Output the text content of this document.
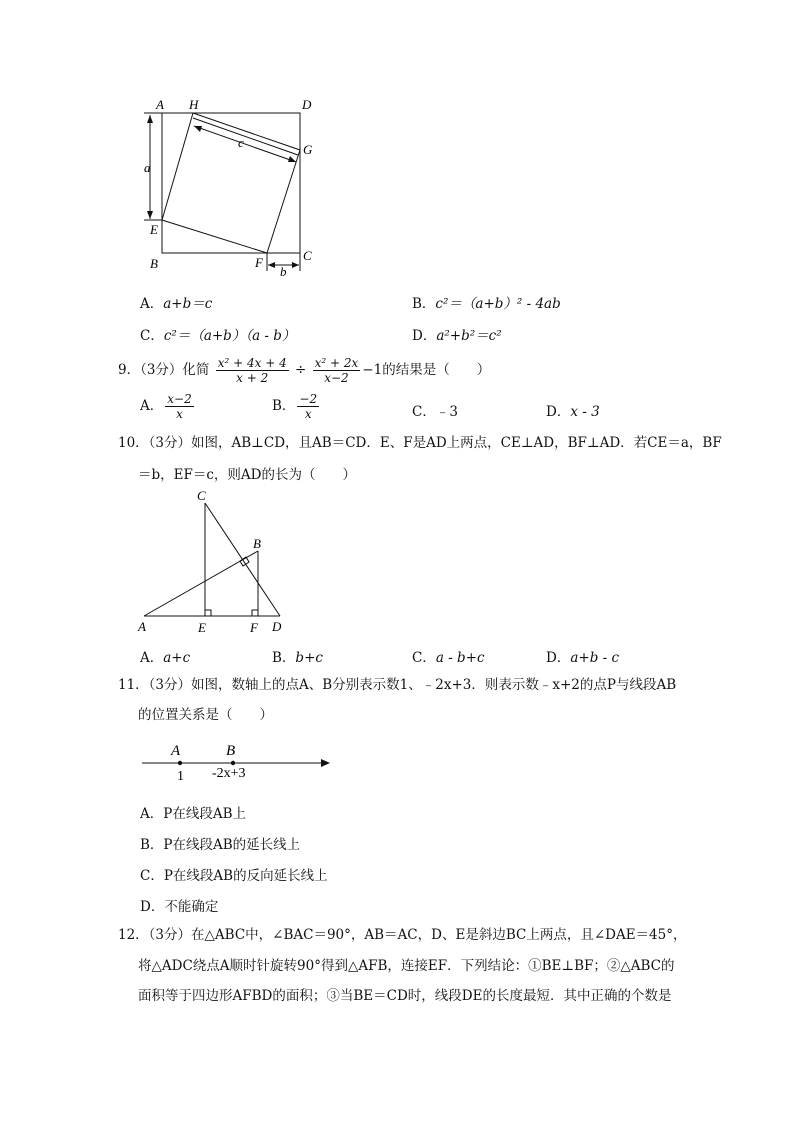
A H	D
G
E
B	F	C
a
b
c
A．a+b＝c	B．c²＝（a+b）² - 4ab
C．c²＝（a+b）（a - b）	D．a²+b²＝c²
9．（3分）化简 $\frac{\text{x² + 4x + 4}}{x + 2} \div \frac{\text{x² + 2x}}{x-2} -1$的结果是（　　）
A． $\frac{x-2}{x}$	B． $\frac{-2}{x}$	C．﹣3	D．x - 3
10．（3分）如图，AB⊥CD，且AB＝CD．E、F是AD上两点，CE⊥AD，BF⊥AD．若CE＝a，BF
＝b，EF＝c，则AD的长为（　　）
C
B
A	E	F D
A．a+c	B．b+c	C．a - b+c	D．a+b - c
11．（3分）如图，数轴上的点A、B分别表示数1、﹣2x+3．则表示数﹣x+2的点P与线段AB
的位置关系是（　　）
A	B
1 -2x+3
A．P在线段AB上
B．P在线段AB的延长线上
C．P在线段AB的反向延长线上
D．不能确定
12．（3分）在△ABC中，∠BAC＝90°，AB＝AC，D、E是斜边BC上两点，且∠DAE＝45°，
将△ADC绕点A顺时针旋转90°得到△AFB，连接EF．下列结论：①BE⊥BF；②△ABC的
面积等于四边形AFBD的面积；③当BE＝CD时，线段DE的长度最短．其中正确的个数是
